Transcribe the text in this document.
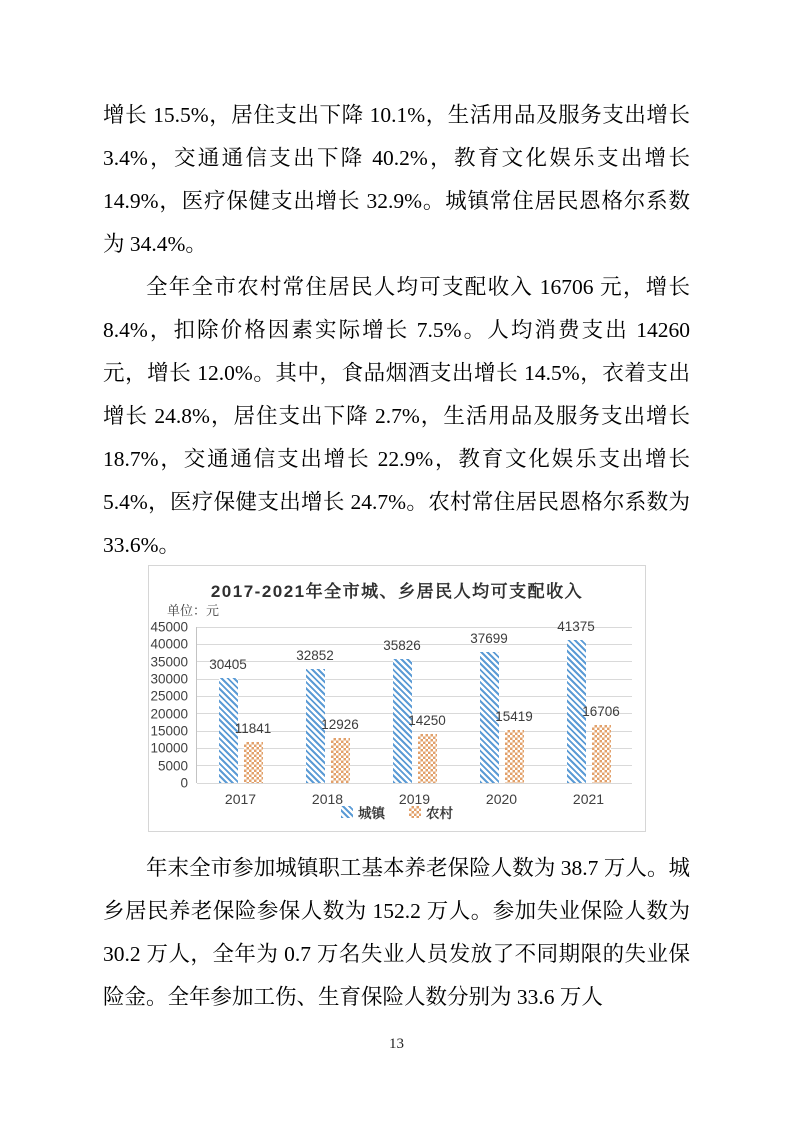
增长 15.5%，居住支出下降 10.1%，生活用品及服务支出增长 3.4%，交通通信支出下降 40.2%，教育文化娱乐支出增长 14.9%，医疗保健支出增长 32.9%。城镇常住居民恩格尔系数为 34.4%。

全年全市农村常住居民人均可支配收入 16706 元，增长 8.4%，扣除价格因素实际增长 7.5%。人均消费支出 14260 元，增长 12.0%。其中，食品烟酒支出增长 14.5%，衣着支出增长 24.8%，居住支出下降 2.7%，生活用品及服务支出增长 18.7%，交通通信支出增长 22.9%，教育文化娱乐支出增长 5.4%，医疗保健支出增长 24.7%。农村常住居民恩格尔系数为 33.6%。

2017-2021年全市城、乡居民人均可支配收入
单位：元
0
5000
10000
15000
20000
25000
30000
35000
40000
45000
30405
11841
2017
32852
12926
2018
35826
14250
2019
37699
15419
2020
41375
16706
2021
城镇	农村

年末全市参加城镇职工基本养老保险人数为 38.7 万人。城乡居民养老保险参保人数为 152.2 万人。参加失业保险人数为 30.2 万人，全年为 0.7 万名失业人员发放了不同期限的失业保险金。全年参加工伤、生育保险人数分别为 33.6 万人

13
